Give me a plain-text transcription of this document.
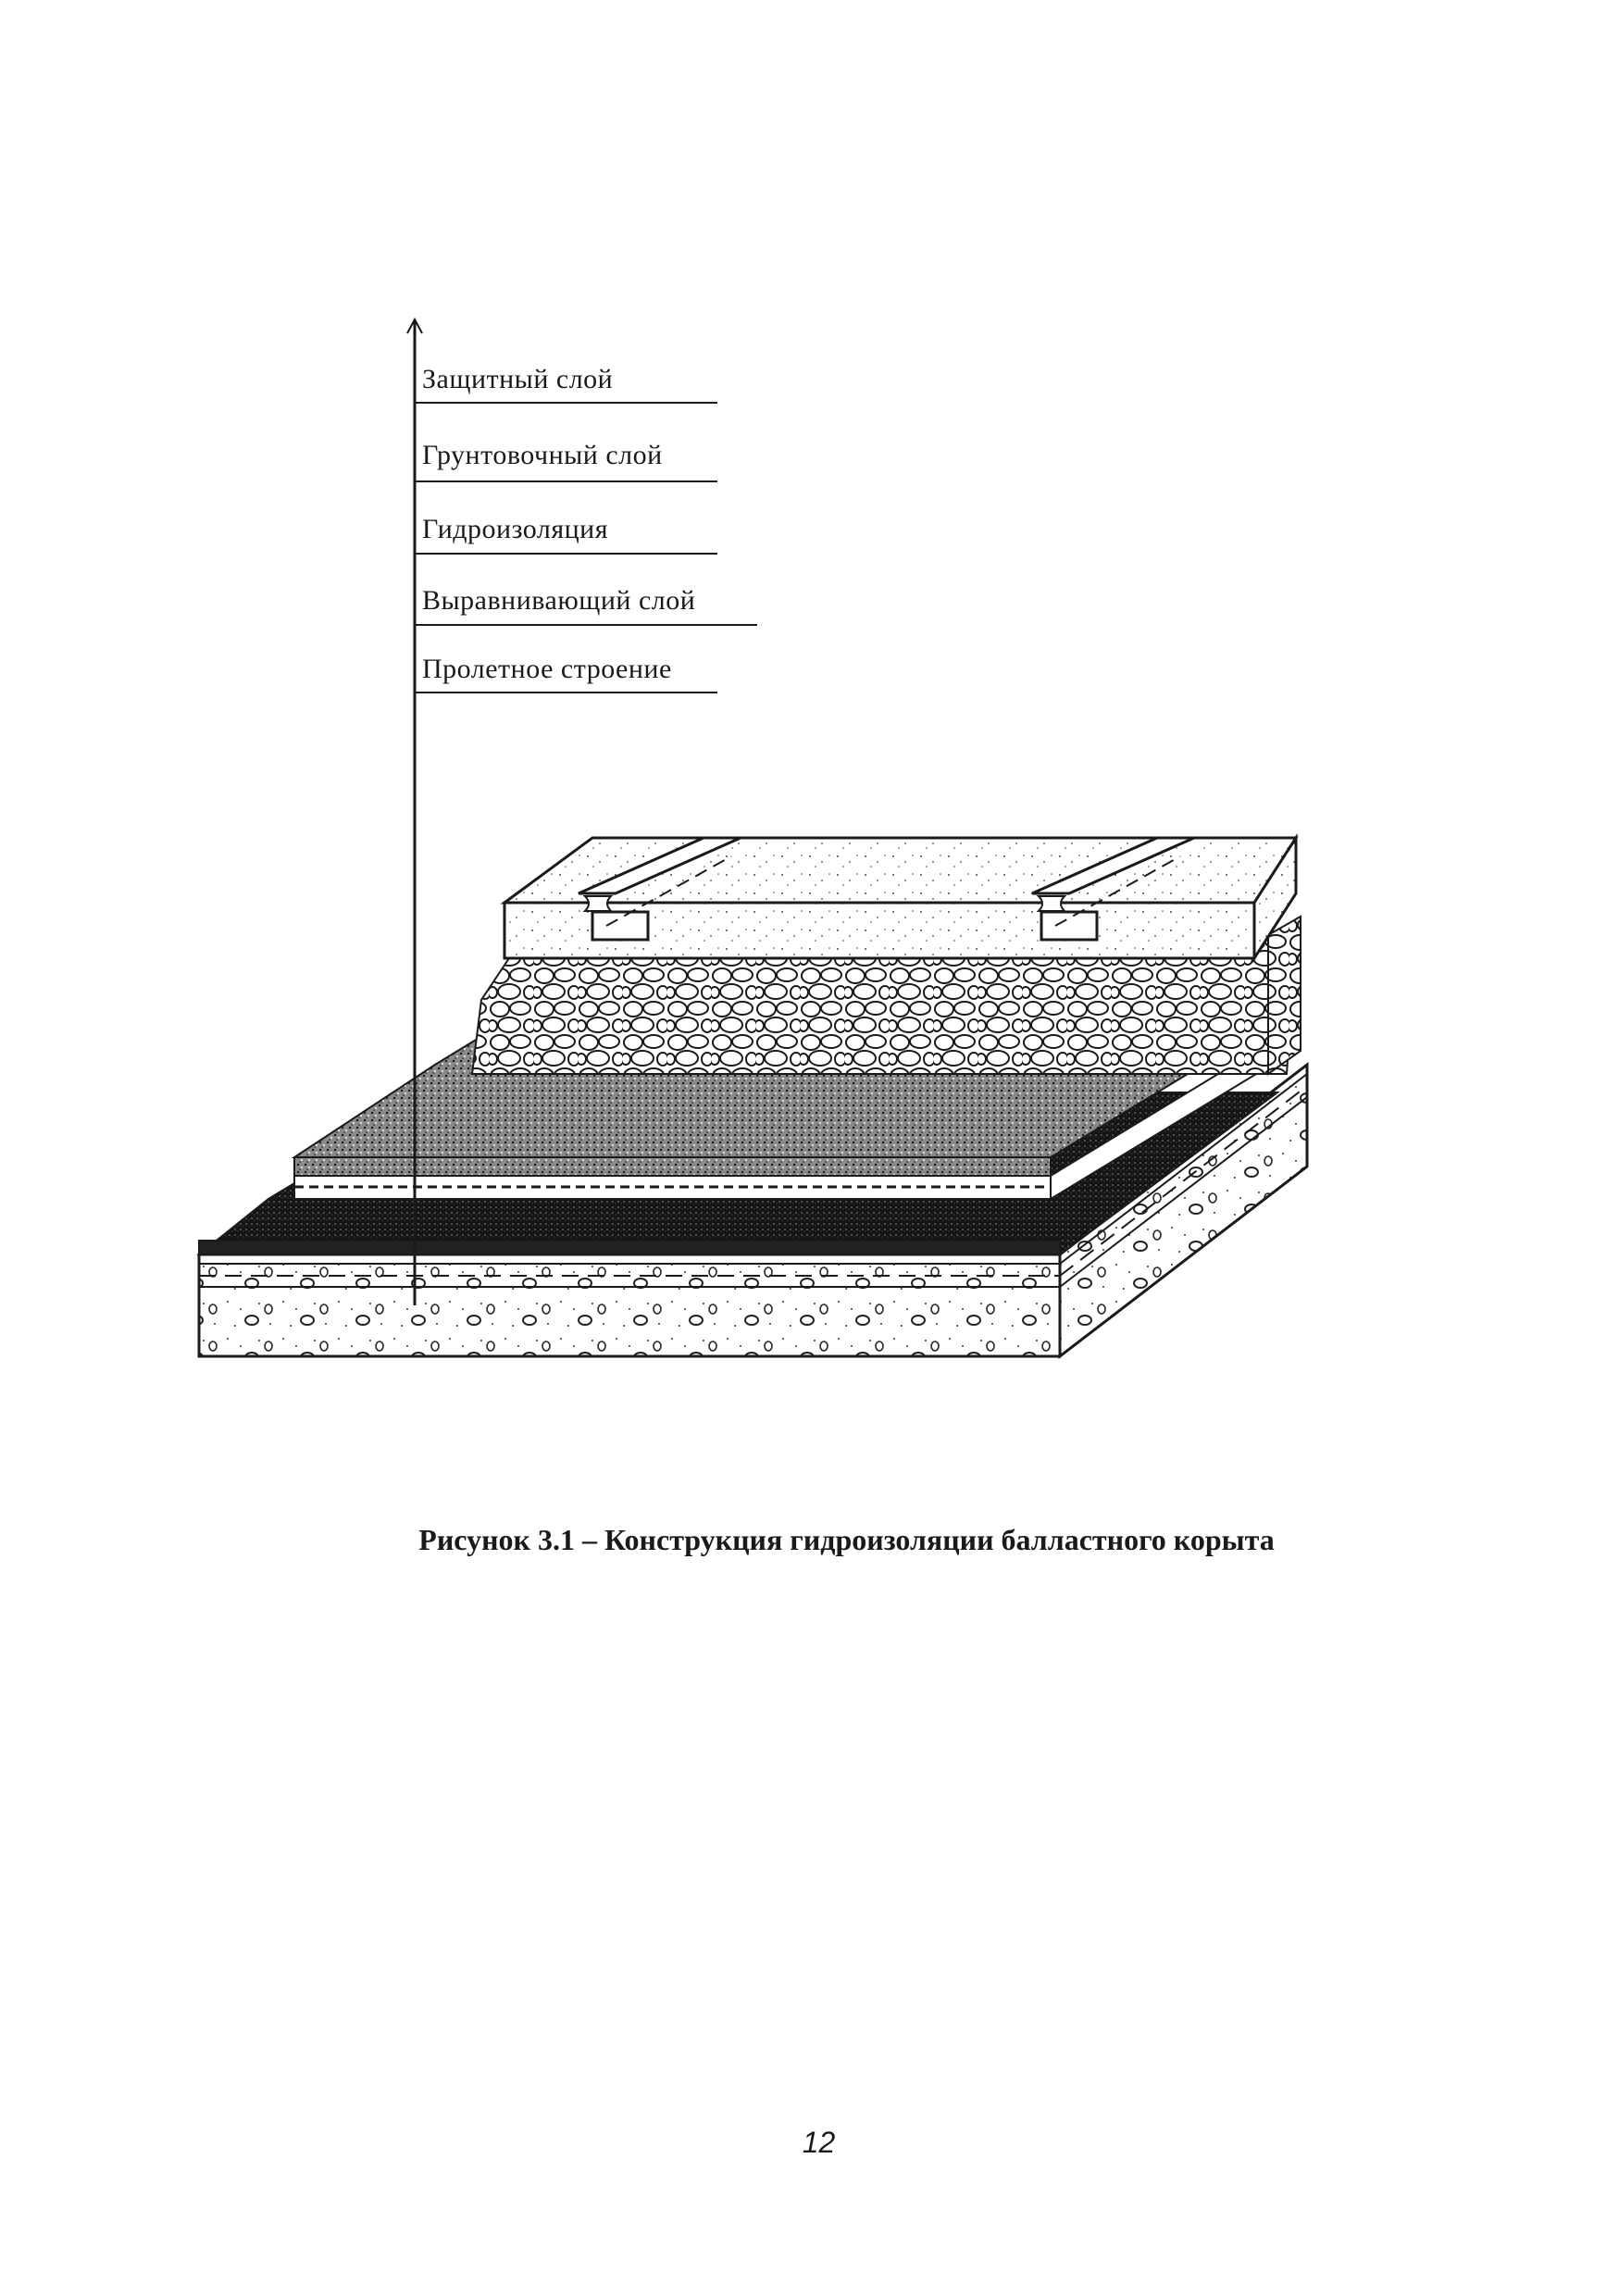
Защитный слой
Грунтовочный слой
Гидроизоляция
Выравнивающий слой
Пролетное строение
Рисунок 3.1 – Конструкция гидроизоляции балластного корыта
12
